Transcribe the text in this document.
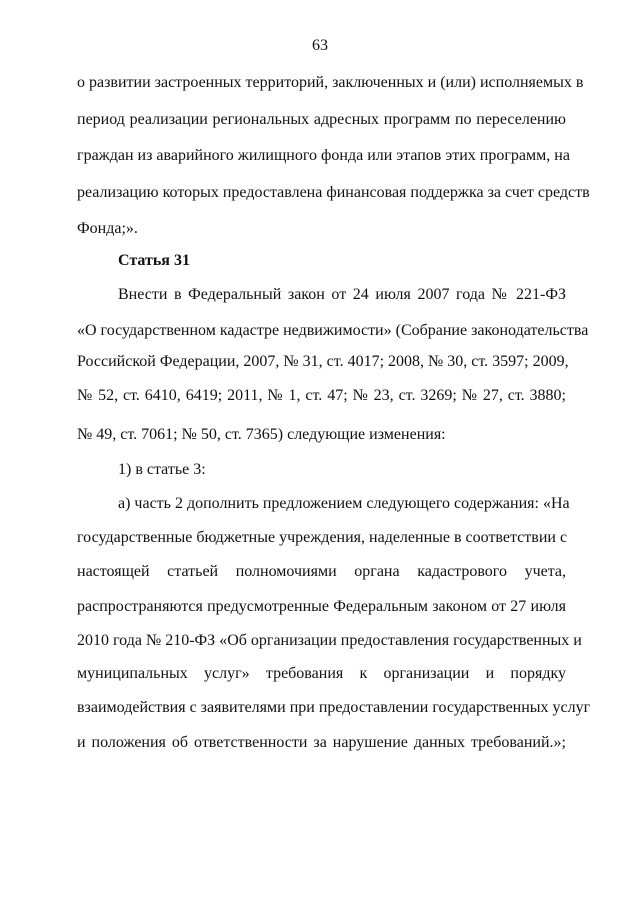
63
о развитии застроенных территорий, заключенных и (или) исполняемых в
период реализации региональных адресных программ по переселению
граждан из аварийного жилищного фонда или этапов этих программ, на
реализацию которых предоставлена финансовая поддержка за счет средств
Фонда;».
Статья 31
Внести в Федеральный закон от 24 июля 2007 года № 221-ФЗ
«О государственном кадастре недвижимости» (Собрание законодательства
Российской Федерации, 2007, № 31, ст. 4017; 2008, № 30, ст. 3597; 2009,
№ 52, ст. 6410, 6419; 2011, № 1, ст. 47; № 23, ст. 3269; № 27, ст. 3880;
№ 49, ст. 7061; № 50, ст. 7365) следующие изменения:
1) в статье 3:
а) часть 2 дополнить предложением следующего содержания: «На
государственные бюджетные учреждения, наделенные в соответствии с
настоящей статьей полномочиями органа кадастрового учета,
распространяются предусмотренные Федеральным законом от 27 июля
2010 года № 210-ФЗ «Об организации предоставления государственных и
муниципальных услуг» требования к организации и порядку
взаимодействия с заявителями при предоставлении государственных услуг
и положения об ответственности за нарушение данных требований.»;
